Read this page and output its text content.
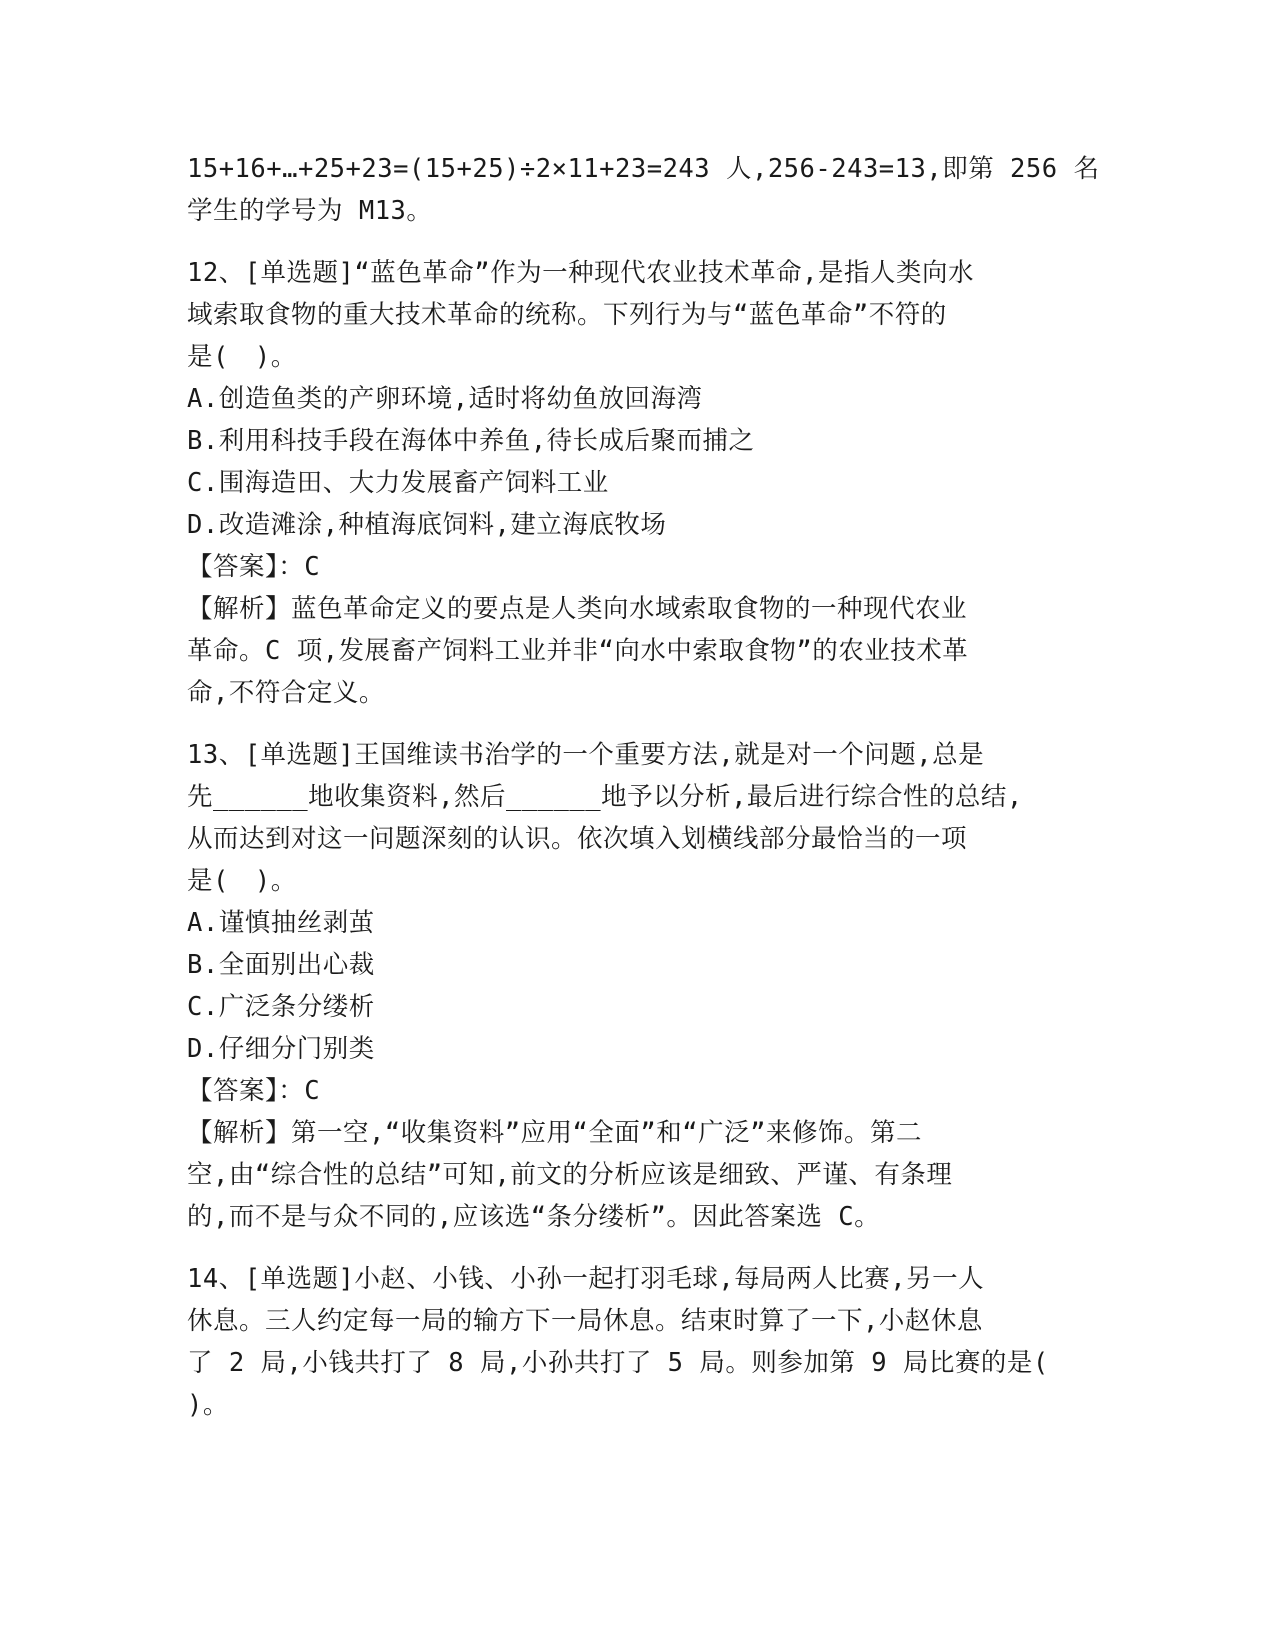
15+16+…+25+23=(15+25)÷2×11+23=243 人,256-243=13,即第 256 名

学生的学号为 M13。

12、[单选题]“蓝色革命”作为一种现代农业技术革命,是指人类向水

域索取食物的重大技术革命的统称。下列行为与“蓝色革命”不符的

是(　)。

A.创造鱼类的产卵环境,适时将幼鱼放回海湾

B.利用科技手段在海体中养鱼,待长成后聚而捕之

C.围海造田、大力发展畜产饲料工业

D.改造滩涂,种植海底饲料,建立海底牧场

【答案】：C

【解析】蓝色革命定义的要点是人类向水域索取食物的一种现代农业

革命。C 项,发展畜产饲料工业并非“向水中索取食物”的农业技术革

命,不符合定义。

13、[单选题]王国维读书治学的一个重要方法,就是对一个问题,总是

先______地收集资料,然后______地予以分析,最后进行综合性的总结,

从而达到对这一问题深刻的认识。依次填入划横线部分最恰当的一项

是(　)。

A.谨慎抽丝剥茧

B.全面别出心裁

C.广泛条分缕析

D.仔细分门别类

【答案】：C

【解析】第一空,“收集资料”应用“全面”和“广泛”来修饰。第二

空,由“综合性的总结”可知,前文的分析应该是细致、严谨、有条理

的,而不是与众不同的,应该选“条分缕析”。因此答案选 C。

14、[单选题]小赵、小钱、小孙一起打羽毛球,每局两人比赛,另一人

休息。三人约定每一局的输方下一局休息。结束时算了一下,小赵休息

了 2 局,小钱共打了 8 局,小孙共打了 5 局。则参加第 9 局比赛的是(

)。
